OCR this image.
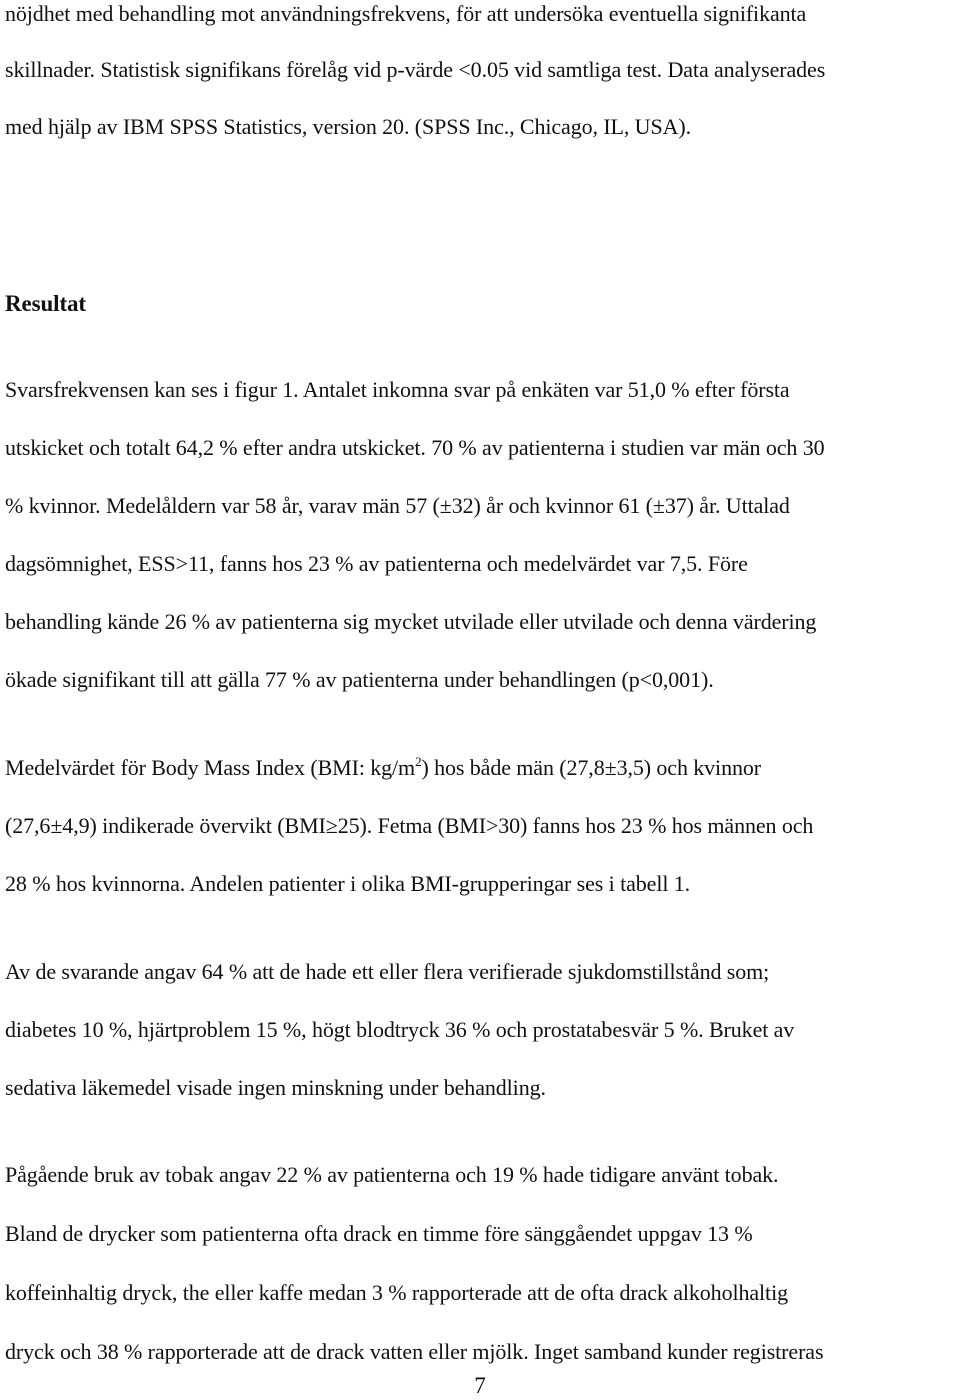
nöjdhet med behandling mot användningsfrekvens, för att undersöka eventuella signifikanta
skillnader. Statistisk signifikans förelåg vid p-värde <0.05 vid samtliga test. Data analyserades
med hjälp av IBM SPSS Statistics, version 20. (SPSS Inc., Chicago, IL, USA).
Resultat
Svarsfrekvensen kan ses i figur 1. Antalet inkomna svar på enkäten var 51,0 % efter första
utskicket och totalt 64,2 % efter andra utskicket. 70 % av patienterna i studien var män och 30
% kvinnor. Medelåldern var 58 år, varav män 57 (±32) år och kvinnor 61 (±37) år. Uttalad
dagsömnighet, ESS>11, fanns hos 23 % av patienterna och medelvärdet var 7,5. Före
behandling kände 26 % av patienterna sig mycket utvilade eller utvilade och denna värdering
ökade signifikant till att gälla 77 % av patienterna under behandlingen (p<0,001).
Medelvärdet för Body Mass Index (BMI: $kg/m^2$) hos både män (27,8±3,5) och kvinnor
(27,6±4,9) indikerade övervikt (BMI≥25). Fetma (BMI>30) fanns hos 23 % hos männen och
28 % hos kvinnorna. Andelen patienter i olika BMI-grupperingar ses i tabell 1.
Av de svarande angav 64 % att de hade ett eller flera verifierade sjukdomstillstånd som;
diabetes 10 %, hjärtproblem 15 %, högt blodtryck 36 % och prostatabesvär 5 %. Bruket av
sedativa läkemedel visade ingen minskning under behandling.
Pågående bruk av tobak angav 22 % av patienterna och 19 % hade tidigare använt tobak.
Bland de drycker som patienterna ofta drack en timme före sänggåendet uppgav 13 %
koffeinhaltig dryck, the eller kaffe medan 3 % rapporterade att de ofta drack alkoholhaltig
dryck och 38 % rapporterade att de drack vatten eller mjölk. Inget samband kunder registreras
7
